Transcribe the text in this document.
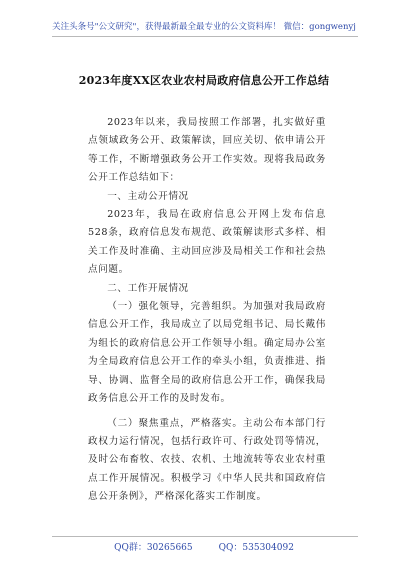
关注头条号"公文研究"，获得最新最全最专业的公文资料库！ 微信：gongwenyj
2023年度XX区农业农村局政府信息公开工作总结

2023年以来，我局按照工作部署，扎实做好重点领域政务公开、政策解读，回应关切、依申请公开等工作，不断增强政务公开工作实效。现将我局政务公开工作总结如下：

一、主动公开情况

2023年，我局在政府信息公开网上发布信息528条，政府信息发布规范、政策解读形式多样、相关工作及时准确、主动回应涉及局相关工作和社会热点问题。

二、工作开展情况

（一）强化领导，完善组织。为加强对我局政府信息公开工作，我局成立了以局党组书记、局长戴伟为组长的政府信息公开工作领导小组。确定局办公室为全局政府信息公开工作的牵头小组，负责推进、指导、协调、监督全局的政府信息公开工作，确保我局政务信息公开工作的及时发布。

（二）聚焦重点，严格落实。主动公布本部门行政权力运行情况，包括行政许可、行政处罚等情况，及时公布畜牧、农技、农机、土地流转等农业农村重点工作开展情况。积极学习《中华人民共和国政府信息公开条例》，严格深化落实工作制度。

QQ群：30265665	QQ：535304092
